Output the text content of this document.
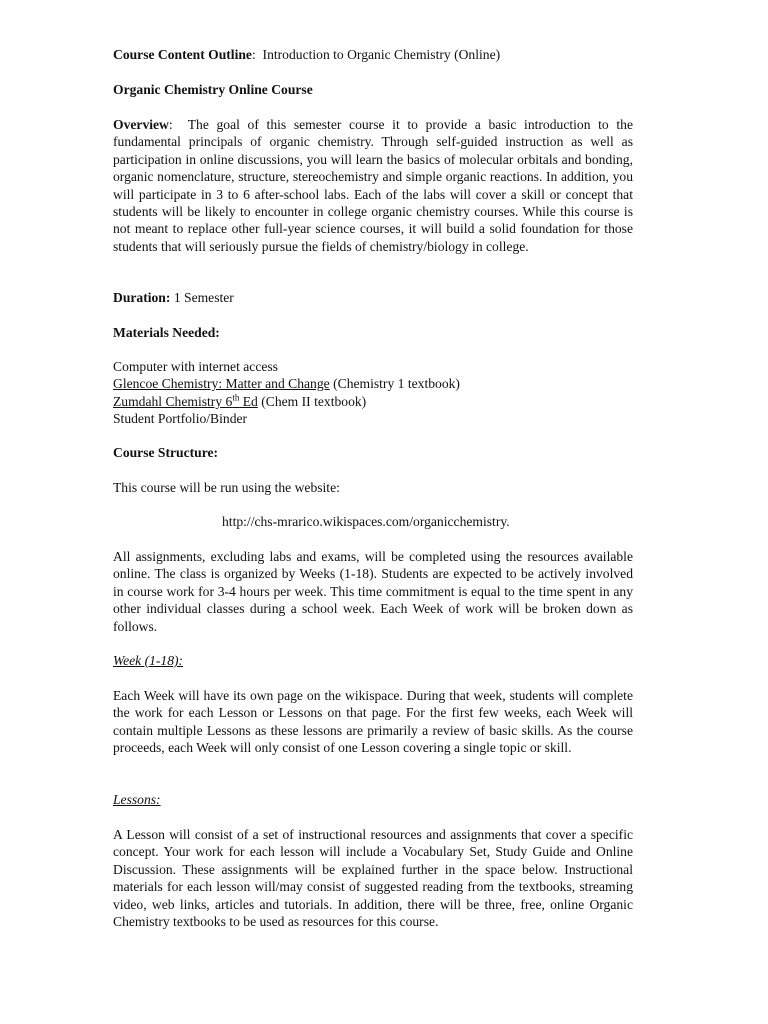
Course Content Outline: Introduction to Organic Chemistry (Online)

Organic Chemistry Online Course

Overview: The goal of this semester course it to provide a basic introduction to the fundamental principals of organic chemistry. Through self-guided instruction as well as participation in online discussions, you will learn the basics of molecular orbitals and bonding, organic nomenclature, structure, stereochemistry and simple organic reactions. In addition, you will participate in 3 to 6 after-school labs. Each of the labs will cover a skill or concept that students will be likely to encounter in college organic chemistry courses. While this course is not meant to replace other full-year science courses, it will build a solid foundation for those students that will seriously pursue the fields of chemistry/biology in college.

Duration: 1 Semester

Materials Needed:

Computer with internet access
Glencoe Chemistry: Matter and Change (Chemistry 1 textbook)
Zumdahl Chemistry 6th Ed (Chem II textbook)
Student Portfolio/Binder

Course Structure:

This course will be run using the website:

http://chs-mrarico.wikispaces.com/organicchemistry.

All assignments, excluding labs and exams, will be completed using the resources available online. The class is organized by Weeks (1-18). Students are expected to be actively involved in course work for 3-4 hours per week. This time commitment is equal to the time spent in any other individual classes during a school week. Each Week of work will be broken down as follows.

Week (1-18):

Each Week will have its own page on the wikispace. During that week, students will complete the work for each Lesson or Lessons on that page. For the first few weeks, each Week will contain multiple Lessons as these lessons are primarily a review of basic skills. As the course proceeds, each Week will only consist of one Lesson covering a single topic or skill.

Lessons:

A Lesson will consist of a set of instructional resources and assignments that cover a specific concept. Your work for each lesson will include a Vocabulary Set, Study Guide and Online Discussion. These assignments will be explained further in the space below. Instructional materials for each lesson will/may consist of suggested reading from the textbooks, streaming video, web links, articles and tutorials. In addition, there will be three, free, online Organic Chemistry textbooks to be used as resources for this course.
